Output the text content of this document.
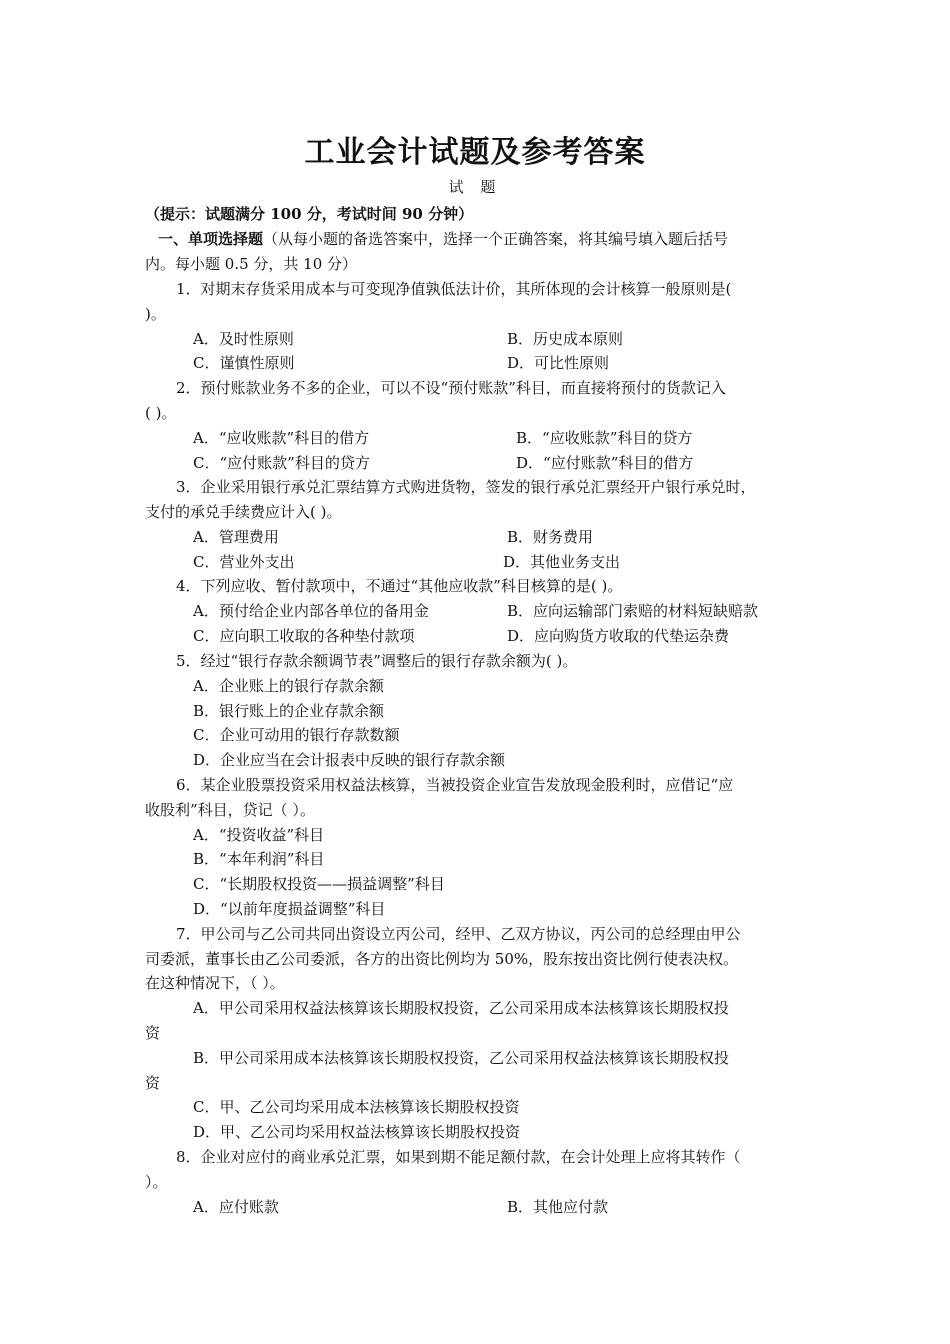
工业会计试题及参考答案
试 题
（提示：试题满分 100 分，考试时间 90 分钟）
一、单项选择题（从每小题的备选答案中，选择一个正确答案，将其编号填入题后括号
内。每小题 0.5 分，共 10 分）
1．对期末存货采用成本与可变现净值孰低法计价，其所体现的会计核算一般原则是(
)。
A．及时性原则	B．历史成本原则
C．谨慎性原则	D．可比性原则
2．预付账款业务不多的企业，可以不设“预付账款”科目，而直接将预付的货款记入
( )。
A．“应收账款”科目的借方	B．“应收账款”科目的贷方
C．“应付账款”科目的贷方	D．“应付账款”科目的借方
3．企业采用银行承兑汇票结算方式购进货物，签发的银行承兑汇票经开户银行承兑时，
支付的承兑手续费应计入( )。
A．管理费用	B．财务费用
C．营业外支出	D．其他业务支出
4．下列应收、暂付款项中，不通过“其他应收款”科目核算的是( )。
A．预付给企业内部各单位的备用金	B．应向运输部门索赔的材料短缺赔款
C．应向职工收取的各种垫付款项	D．应向购货方收取的代垫运杂费
5．经过“银行存款余额调节表”调整后的银行存款余额为( )。
A．企业账上的银行存款余额
B．银行账上的企业存款余额
C．企业可动用的银行存款数额
D．企业应当在会计报表中反映的银行存款余额
6．某企业股票投资采用权益法核算，当被投资企业宣告发放现金股利时，应借记“应
收股利”科目，贷记（ ）。
A．“投资收益”科目
B．“本年利润”科目
C．“长期股权投资——损益调整”科目
D．“以前年度损益调整”科目
7．甲公司与乙公司共同出资设立丙公司，经甲、乙双方协议，丙公司的总经理由甲公
司委派，董事长由乙公司委派，各方的出资比例均为 50%，股东按出资比例行使表决权。
在这种情况下，（ ）。
A．甲公司采用权益法核算该长期股权投资，乙公司采用成本法核算该长期股权投
资
B．甲公司采用成本法核算该长期股权投资，乙公司采用权益法核算该长期股权投
资
C．甲、乙公司均采用成本法核算该长期股权投资
D．甲、乙公司均采用权益法核算该长期股权投资
8．企业对应付的商业承兑汇票，如果到期不能足额付款，在会计处理上应将其转作（
）。
A．应付账款	B．其他应付款
